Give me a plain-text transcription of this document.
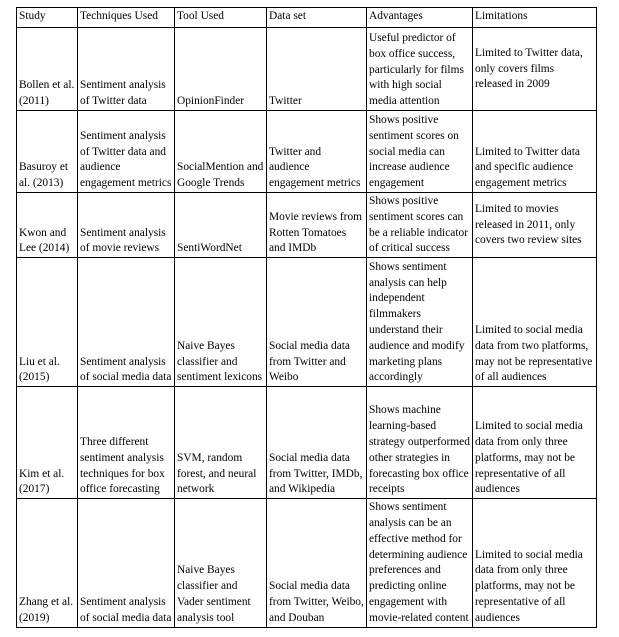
Study	Techniques Used	Tool Used	Data set	Advantages	Limitations
Bollen et al. (2011)	Sentiment analysis of Twitter data	OpinionFinder	Twitter	Useful predictor of box office success, particularly for films with high social media attention	Limited to Twitter data, only covers films released in 2009
Basuroy et al. (2013)	Sentiment analysis of Twitter data and audience engagement metrics	SocialMention and Google Trends	Twitter and audience engagement metrics	Shows positive sentiment scores on social media can increase audience engagement	Limited to Twitter data and specific audience engagement metrics
Kwon and Lee (2014)	Sentiment analysis of movie reviews	SentiWordNet	Movie reviews from Rotten Tomatoes and IMDb	Shows positive sentiment scores can be a reliable indicator of critical success	Limited to movies released in 2011, only covers two review sites
Liu et al. (2015)	Sentiment analysis of social media data	Naive Bayes classifier and sentiment lexicons	Social media data from Twitter and Weibo	Shows sentiment analysis can help independent filmmakers understand their audience and modify marketing plans accordingly	Limited to social media data from two platforms, may not be representative of all audiences
Kim et al. (2017)	Three different sentiment analysis techniques for box office forecasting	SVM, random forest, and neural network	Social media data from Twitter, IMDb, and Wikipedia	Shows machine learning-based strategy outperformed other strategies in forecasting box office receipts	Limited to social media data from only three platforms, may not be representative of all audiences
Zhang et al. (2019)	Sentiment analysis of social media data	Naive Bayes classifier and Vader sentiment analysis tool	Social media data from Twitter, Weibo, and Douban	Shows sentiment analysis can be an effective method for determining audience preferences and predicting online engagement with movie-related content	Limited to social media data from only three platforms, may not be representative of all audiences
